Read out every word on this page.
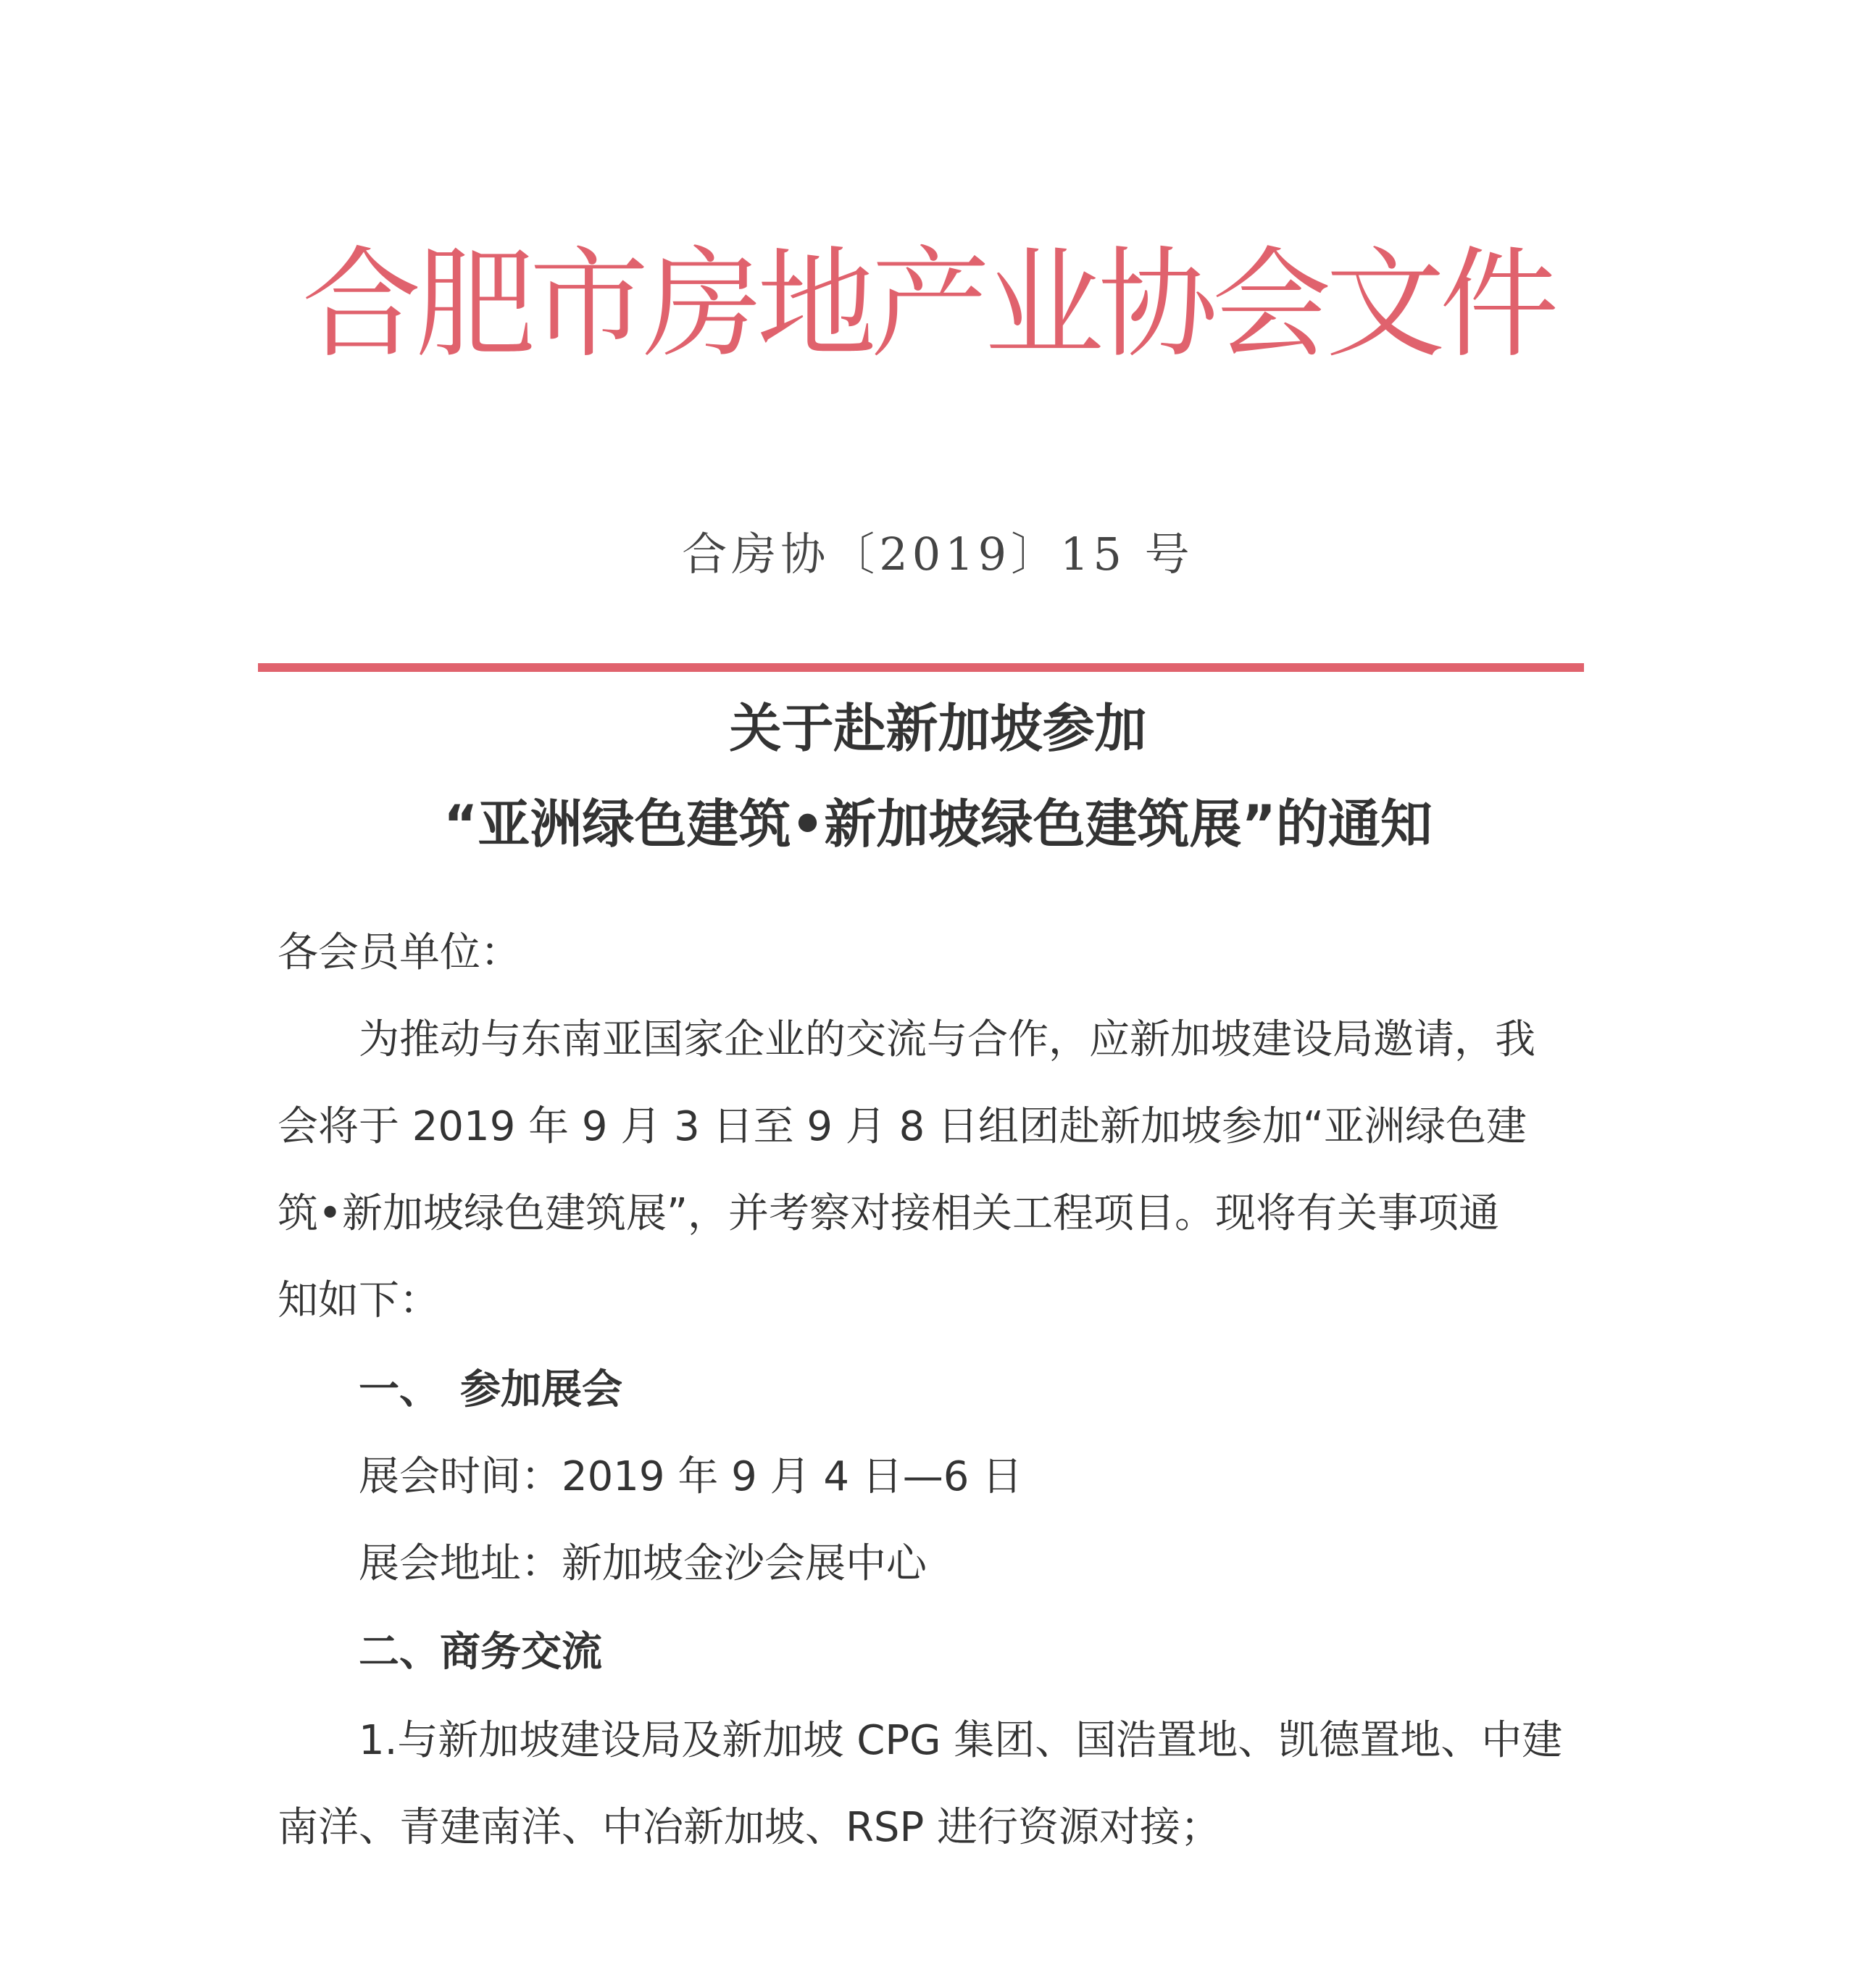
合肥市房地产业协会文件
合房协〔2019〕15 号
关于赴新加坡参加
“亚洲绿色建筑•新加坡绿色建筑展”的通知
各会员单位：
为推动与东南亚国家企业的交流与合作，应新加坡建设局邀请，我
会将于 2019 年 9 月 3 日至 9 月 8 日组团赴新加坡参加“亚洲绿色建
筑•新加坡绿色建筑展”，并考察对接相关工程项目。现将有关事项通
知如下：
一、　参加展会
展会时间：2019 年 9 月 4 日—6 日
展会地址：新加坡金沙会展中心
二、商务交流
1.与新加坡建设局及新加坡 CPG 集团、国浩置地、凯德置地、中建
南洋、青建南洋、中冶新加坡、RSP 进行资源对接；
